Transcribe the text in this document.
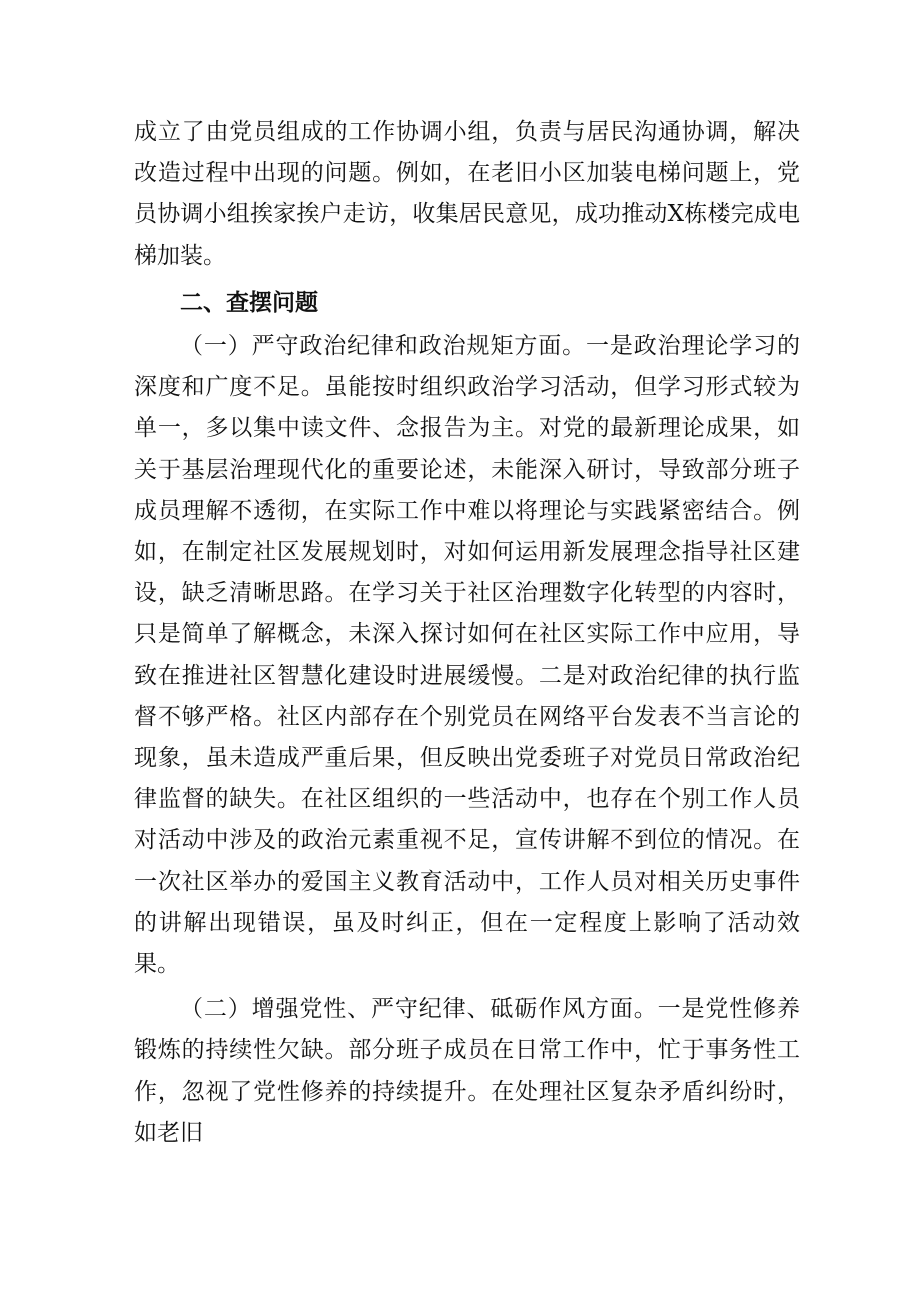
成立了由党员组成的工作协调小组，负责与居民沟通协调，解决改造过程中出现的问题。例如，在老旧小区加装电梯问题上，党员协调小组挨家挨户走访，收集居民意见，成功推动X栋楼完成电梯加装。

二、查摆问题

（一）严守政治纪律和政治规矩方面。一是政治理论学习的深度和广度不足。虽能按时组织政治学习活动，但学习形式较为单一，多以集中读文件、念报告为主。对党的最新理论成果，如关于基层治理现代化的重要论述，未能深入研讨，导致部分班子成员理解不透彻，在实际工作中难以将理论与实践紧密结合。例如，在制定社区发展规划时，对如何运用新发展理念指导社区建设，缺乏清晰思路。在学习关于社区治理数字化转型的内容时，只是简单了解概念，未深入探讨如何在社区实际工作中应用，导致在推进社区智慧化建设时进展缓慢。二是对政治纪律的执行监督不够严格。社区内部存在个别党员在网络平台发表不当言论的现象，虽未造成严重后果，但反映出党委班子对党员日常政治纪律监督的缺失。在社区组织的一些活动中，也存在个别工作人员对活动中涉及的政治元素重视不足，宣传讲解不到位的情况。在一次社区举办的爱国主义教育活动中，工作人员对相关历史事件的讲解出现错误，虽及时纠正，但在一定程度上影响了活动效果。

（二）增强党性、严守纪律、砥砺作风方面。一是党性修养锻炼的持续性欠缺。部分班子成员在日常工作中，忙于事务性工作，忽视了党性修养的持续提升。在处理社区复杂矛盾纠纷时，如老旧
